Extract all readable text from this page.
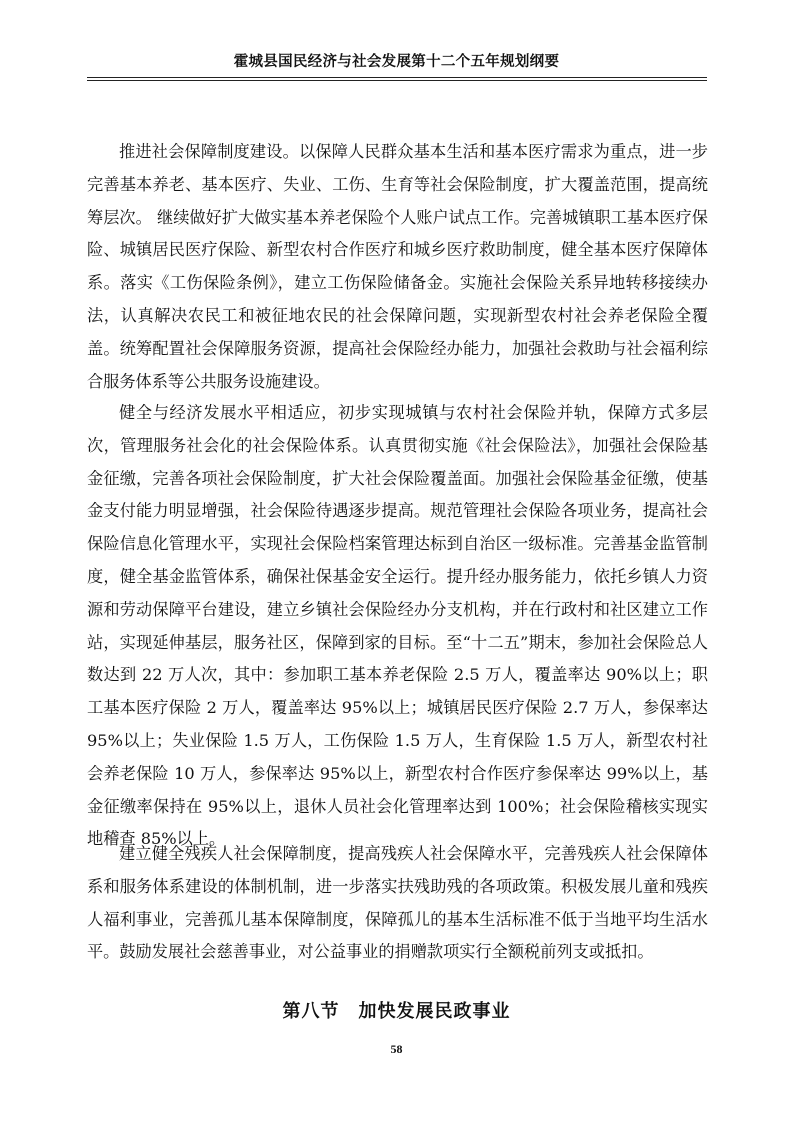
霍城县国民经济与社会发展第十二个五年规划纲要

推进社会保障制度建设。以保障人民群众基本生活和基本医疗需求为重点，进一步完善基本养老、基本医疗、失业、工伤、生育等社会保险制度，扩大覆盖范围，提高统筹层次。 继续做好扩大做实基本养老保险个人账户试点工作。完善城镇职工基本医疗保险、城镇居民医疗保险、新型农村合作医疗和城乡医疗救助制度，健全基本医疗保障体系。落实《工伤保险条例》，建立工伤保险储备金。实施社会保险关系异地转移接续办法，认真解决农民工和被征地农民的社会保障问题，实现新型农村社会养老保险全覆盖。统筹配置社会保障服务资源，提高社会保险经办能力，加强社会救助与社会福利综合服务体系等公共服务设施建设。

健全与经济发展水平相适应，初步实现城镇与农村社会保险并轨，保障方式多层次，管理服务社会化的社会保险体系。认真贯彻实施《社会保险法》，加强社会保险基金征缴，完善各项社会保险制度，扩大社会保险覆盖面。加强社会保险基金征缴，使基金支付能力明显增强，社会保险待遇逐步提高。规范管理社会保险各项业务，提高社会保险信息化管理水平，实现社会保险档案管理达标到自治区一级标准。完善基金监管制度，健全基金监管体系，确保社保基金安全运行。提升经办服务能力，依托乡镇人力资源和劳动保障平台建设，建立乡镇社会保险经办分支机构，并在行政村和社区建立工作站，实现延伸基层，服务社区，保障到家的目标。至“十二五”期末，参加社会保险总人数达到 22 万人次，其中：参加职工基本养老保险 2.5 万人，覆盖率达 90%以上；职工基本医疗保险 2 万人，覆盖率达 95%以上；城镇居民医疗保险 2.7 万人，参保率达 95%以上；失业保险 1.5 万人，工伤保险 1.5 万人，生育保险 1.5 万人，新型农村社会养老保险 10 万人，参保率达 95%以上，新型农村合作医疗参保率达 99%以上，基金征缴率保持在 95%以上，退休人员社会化管理率达到 100%；社会保险稽核实现实地稽查 85%以上。

建立健全残疾人社会保障制度，提高残疾人社会保障水平，完善残疾人社会保障体系和服务体系建设的体制机制，进一步落实扶残助残的各项政策。积极发展儿童和残疾人福利事业，完善孤儿基本保障制度，保障孤儿的基本生活标准不低于当地平均生活水平。鼓励发展社会慈善事业，对公益事业的捐赠款项实行全额税前列支或抵扣。

第八节　加快发展民政事业
58
